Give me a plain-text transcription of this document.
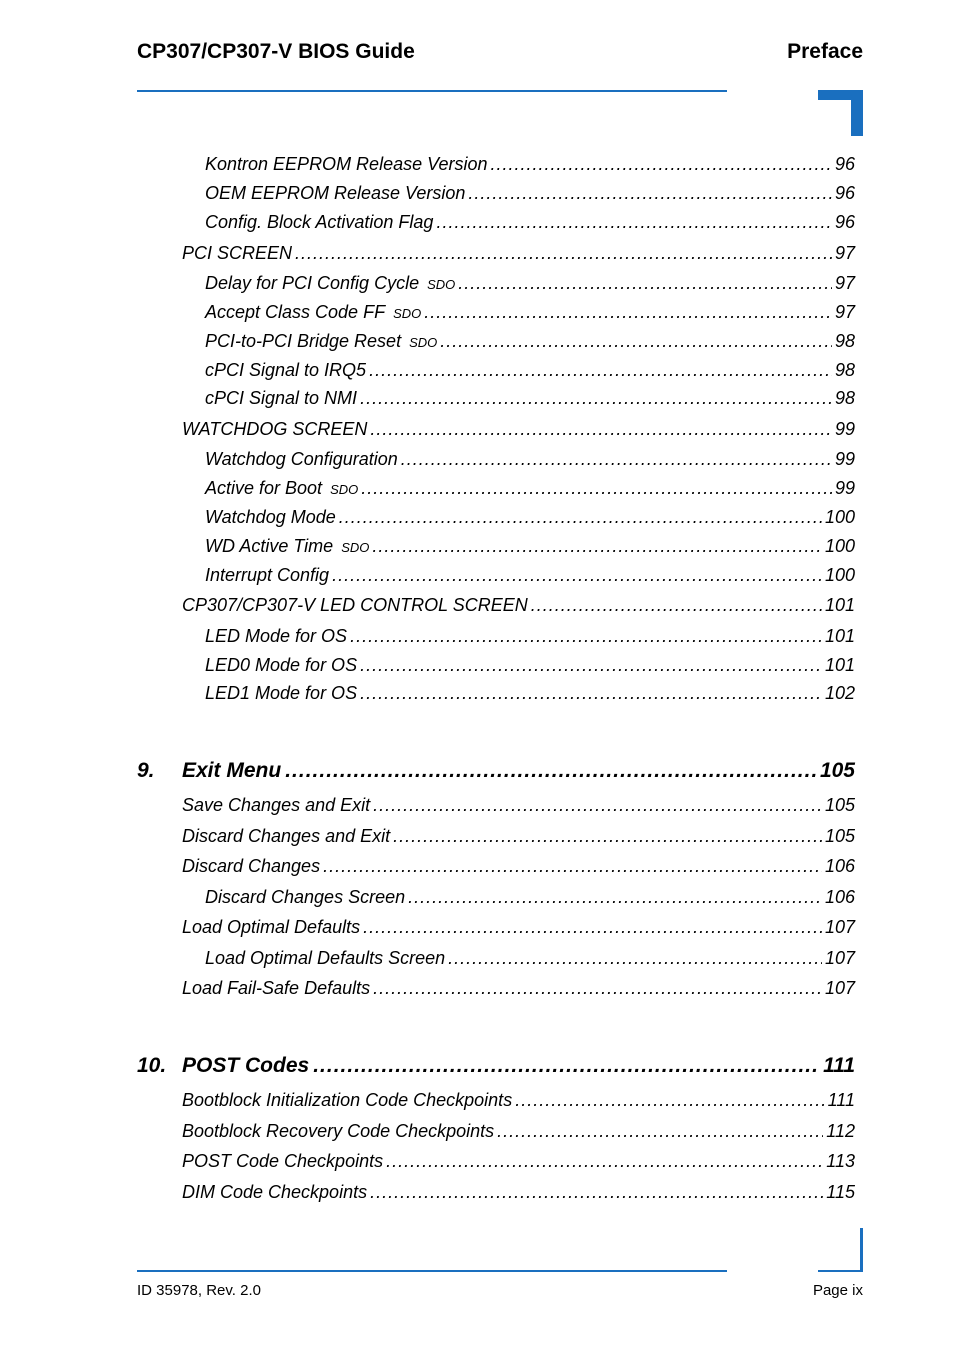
CP307/CP307-V BIOS Guide	Preface
Kontron EEPROM Release Version .....	96
OEM EEPROM Release Version .....	96
Config. Block Activation Flag .....	96
PCI SCREEN .....	97
Delay for PCI Config Cycle SDO .....	97
Accept Class Code FF SDO .....	97
PCI-to-PCI Bridge Reset SDO .....	98
cPCI Signal to IRQ5 .....	98
cPCI Signal to NMI .....	98
WATCHDOG SCREEN .....	99
Watchdog Configuration .....	99
Active for Boot SDO .....	99
Watchdog Mode .....	100
WD Active Time SDO .....	100
Interrupt Config .....	100
CP307/CP307-V LED CONTROL SCREEN .....	101
LED Mode for OS .....	101
LED0 Mode for OS .....	101
LED1 Mode for OS .....	102
9.	Exit Menu .....	105
Save Changes and Exit .....	105
Discard Changes and Exit .....	105
Discard Changes .....	106
Discard Changes Screen .....	106
Load Optimal Defaults .....	107
Load Optimal Defaults Screen .....	107
Load Fail-Safe Defaults .....	107
10. POST Codes .....	111
Bootblock Initialization Code Checkpoints .....	111
Bootblock Recovery Code Checkpoints .....	112
POST Code Checkpoints .....	113
DIM Code Checkpoints .....	115
ID 35978, Rev. 2.0	Page ix
